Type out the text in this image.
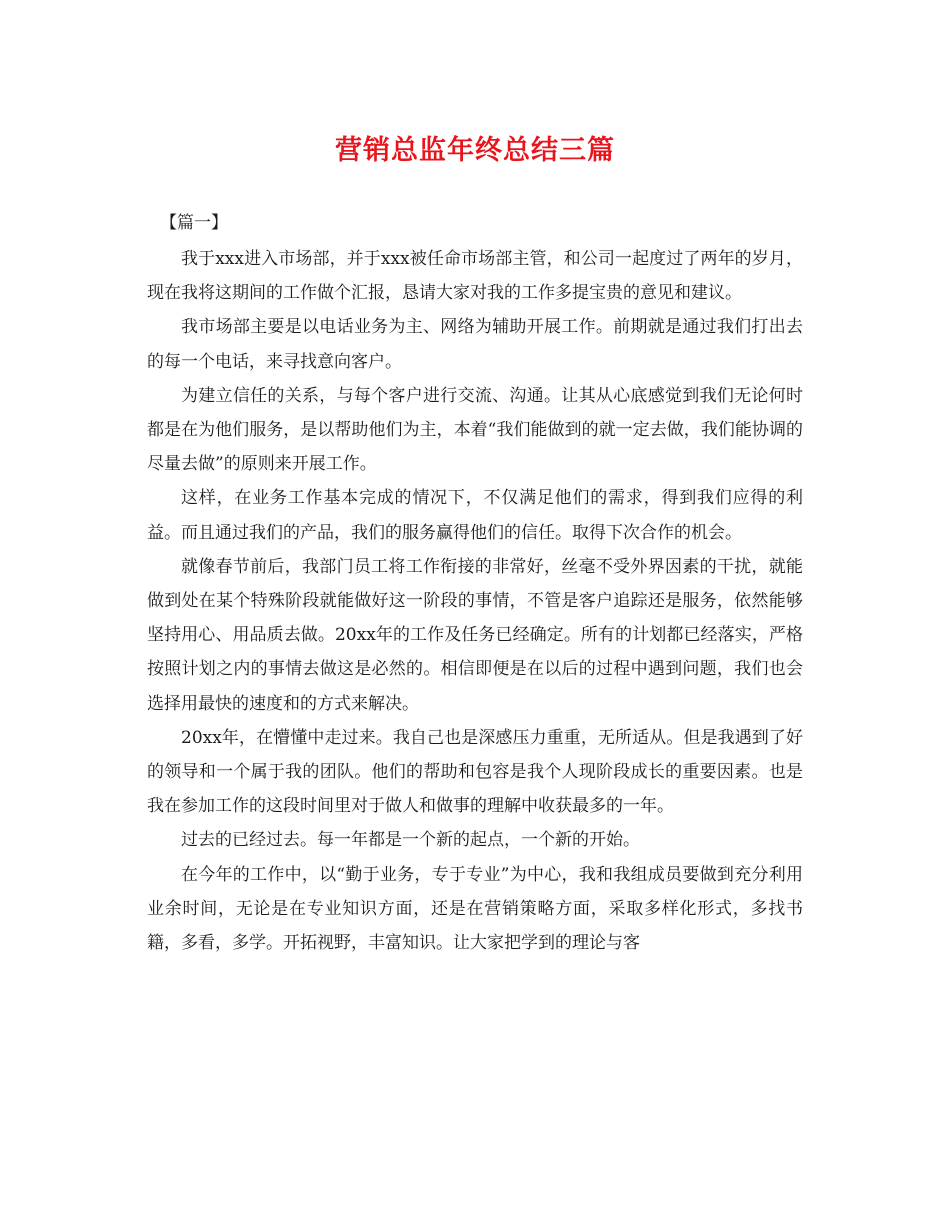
营销总监年终总结三篇

【篇一】

我于xxx进入市场部，并于xxx被任命市场部主管，和公司一起度过了两年的岁月，现在我将这期间的工作做个汇报，恳请大家对我的工作多提宝贵的意见和建议。

我市场部主要是以电话业务为主、网络为辅助开展工作。前期就是通过我们打出去的每一个电话，来寻找意向客户。

为建立信任的关系，与每个客户进行交流、沟通。让其从心底感觉到我们无论何时都是在为他们服务，是以帮助他们为主，本着“我们能做到的就一定去做，我们能协调的尽量去做”的原则来开展工作。

这样，在业务工作基本完成的情况下，不仅满足他们的需求，得到我们应得的利益。而且通过我们的产品，我们的服务赢得他们的信任。取得下次合作的机会。

就像春节前后，我部门员工将工作衔接的非常好，丝毫不受外界因素的干扰，就能做到处在某个特殊阶段就能做好这一阶段的事情，不管是客户追踪还是服务，依然能够坚持用心、用品质去做。20xx年的工作及任务已经确定。所有的计划都已经落实，严格按照计划之内的事情去做这是必然的。相信即便是在以后的过程中遇到问题，我们也会选择用最快的速度和的方式来解决。

20xx年，在懵懂中走过来。我自己也是深感压力重重，无所适从。但是我遇到了好的领导和一个属于我的团队。他们的帮助和包容是我个人现阶段成长的重要因素。也是我在参加工作的这段时间里对于做人和做事的理解中收获最多的一年。

过去的已经过去。每一年都是一个新的起点，一个新的开始。

在今年的工作中，以“勤于业务，专于专业”为中心，我和我组成员要做到充分利用业余时间，无论是在专业知识方面，还是在营销策略方面，采取多样化形式，多找书籍，多看，多学。开拓视野，丰富知识。让大家把学到的理论与客
